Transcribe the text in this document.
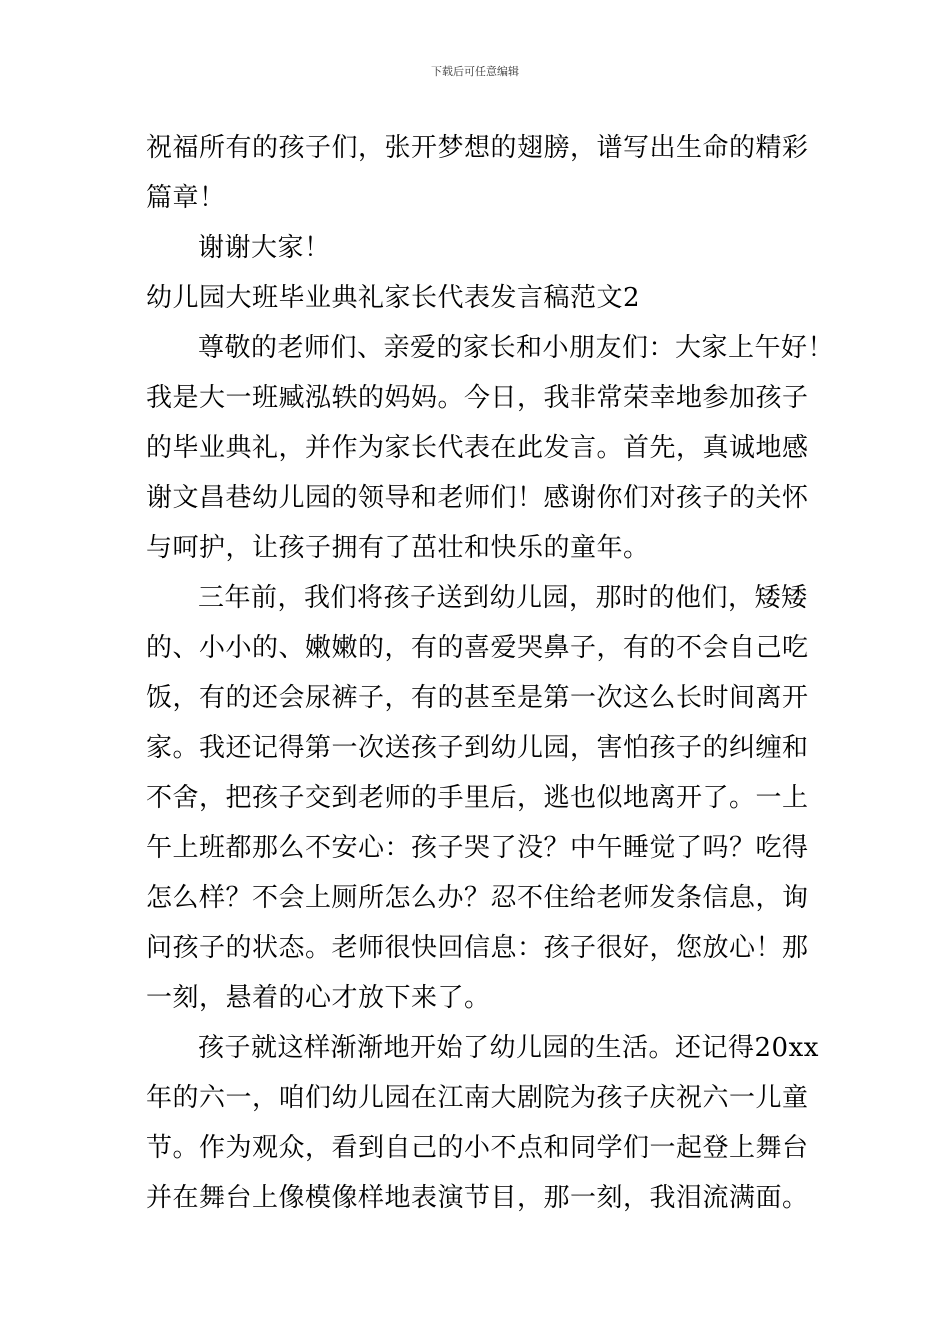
下载后可任意编辑
祝福所有的孩子们，张开梦想的翅膀，谱写出生命的精彩
篇章！
谢谢大家！
幼儿园大班毕业典礼家长代表发言稿范文2
尊敬的老师们、亲爱的家长和小朋友们：大家上午好！
我是大一班臧泓轶的妈妈。今日，我非常荣幸地参加孩子
的毕业典礼，并作为家长代表在此发言。首先，真诚地感
谢文昌巷幼儿园的领导和老师们！感谢你们对孩子的关怀
与呵护，让孩子拥有了茁壮和快乐的童年。
三年前，我们将孩子送到幼儿园，那时的他们，矮矮
的、小小的、嫩嫩的，有的喜爱哭鼻子，有的不会自己吃
饭，有的还会尿裤子，有的甚至是第一次这么长时间离开
家。我还记得第一次送孩子到幼儿园，害怕孩子的纠缠和
不舍，把孩子交到老师的手里后，逃也似地离开了。一上
午上班都那么不安心：孩子哭了没？中午睡觉了吗？吃得
怎么样？不会上厕所怎么办？忍不住给老师发条信息，询
问孩子的状态。老师很快回信息：孩子很好，您放心！那
一刻，悬着的心才放下来了。
孩子就这样渐渐地开始了幼儿园的生活。还记得20xx
年的六一，咱们幼儿园在江南大剧院为孩子庆祝六一儿童
节。作为观众，看到自己的小不点和同学们一起登上舞台
并在舞台上像模像样地表演节目，那一刻，我泪流满面。
